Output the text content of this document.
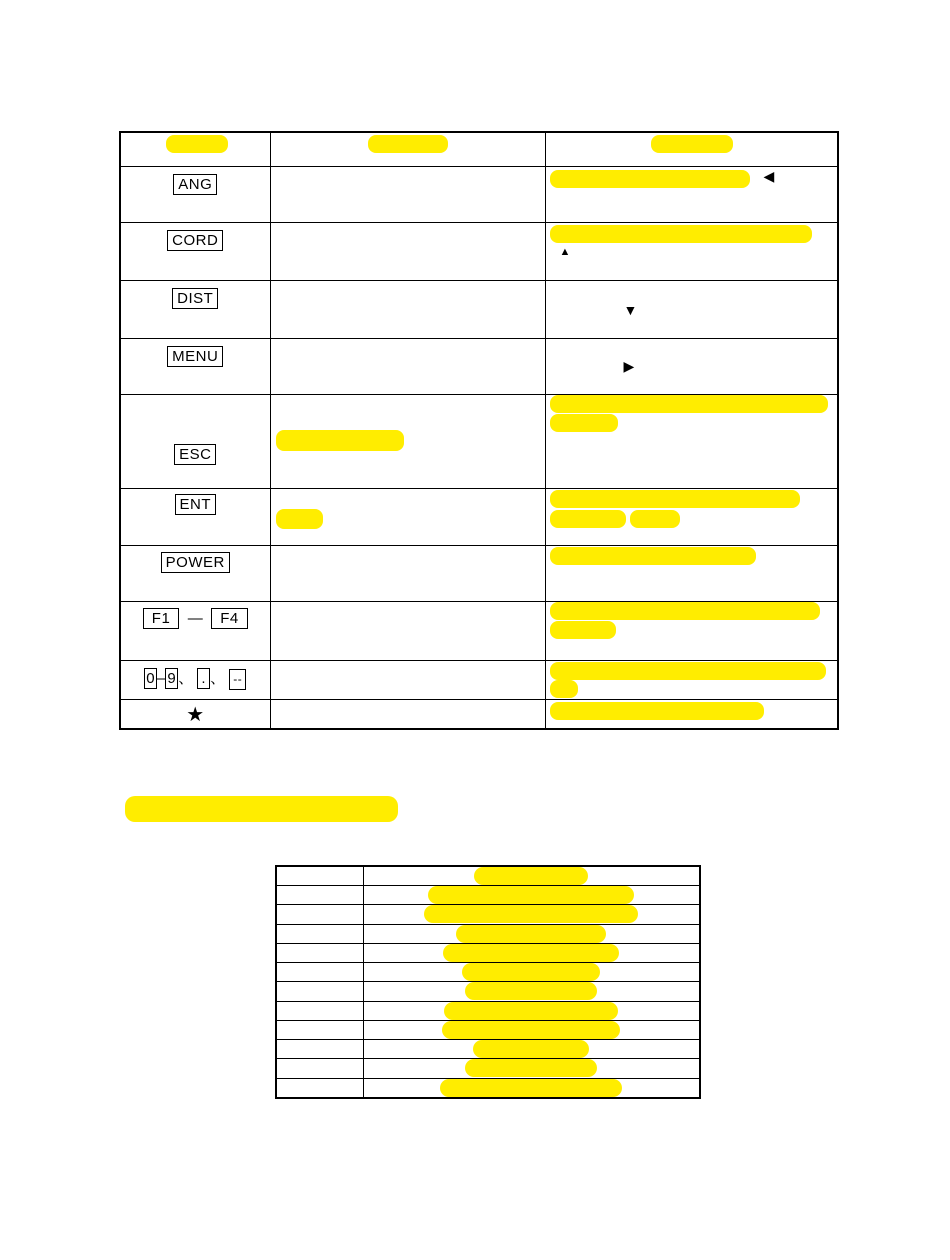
ANG		◀

CORD		▲

DIST		▼

MENU		▶

ESC		

ENT		

POWER		

F1 — F4		

0 – 9 、 . 、 --		

★		
